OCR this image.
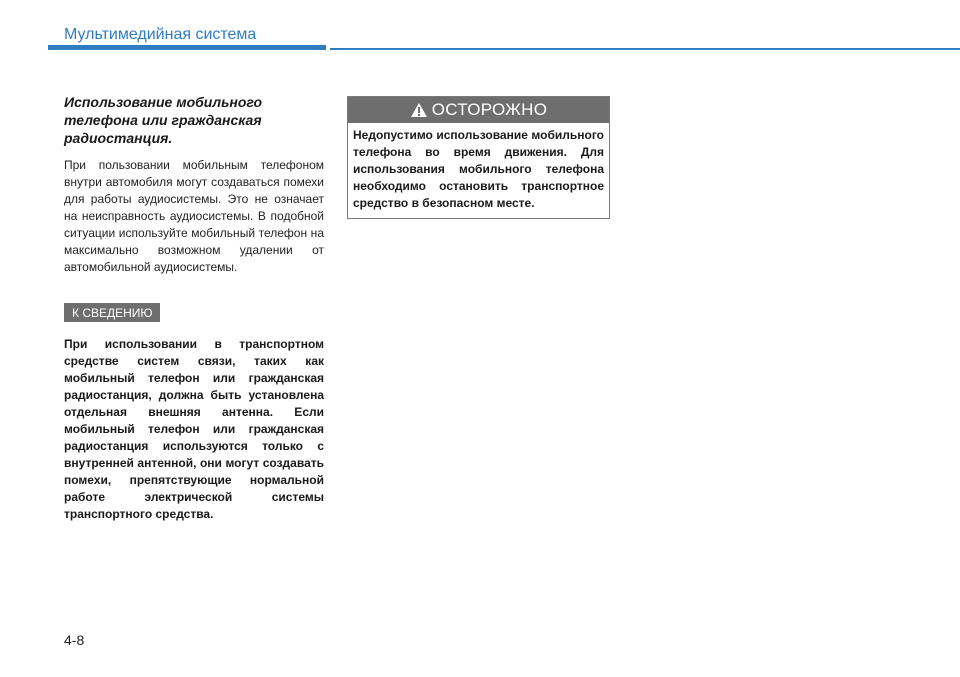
Мультимедийная система
Использование мобильного телефона или гражданская радиостанция.

При пользовании мобильным телефоном внутри автомобиля могут создаваться помехи для работы аудиосистемы. Это не означает на неисправность аудиосистемы. В подобной ситуации используйте мобильный телефон на максимально возможном удалении от автомобильной аудиосистемы.

К СВЕДЕНИЮ

При использовании в транспортном средстве систем связи, таких как мобильный телефон или гражданская радиостанция, должна быть установлена отдельная внешняя антенна. Если мобильный телефон или гражданская радиостанция используются только с внутренней антенной, они могут создавать помехи, препятствующие нормальной работе электрической системы транспортного средства.

ОСТОРОЖНО

Недопустимо использование мобильного телефона во время движения. Для использования мобильного телефона необходимо остановить транспортное средство в безопасном месте.

4-8
